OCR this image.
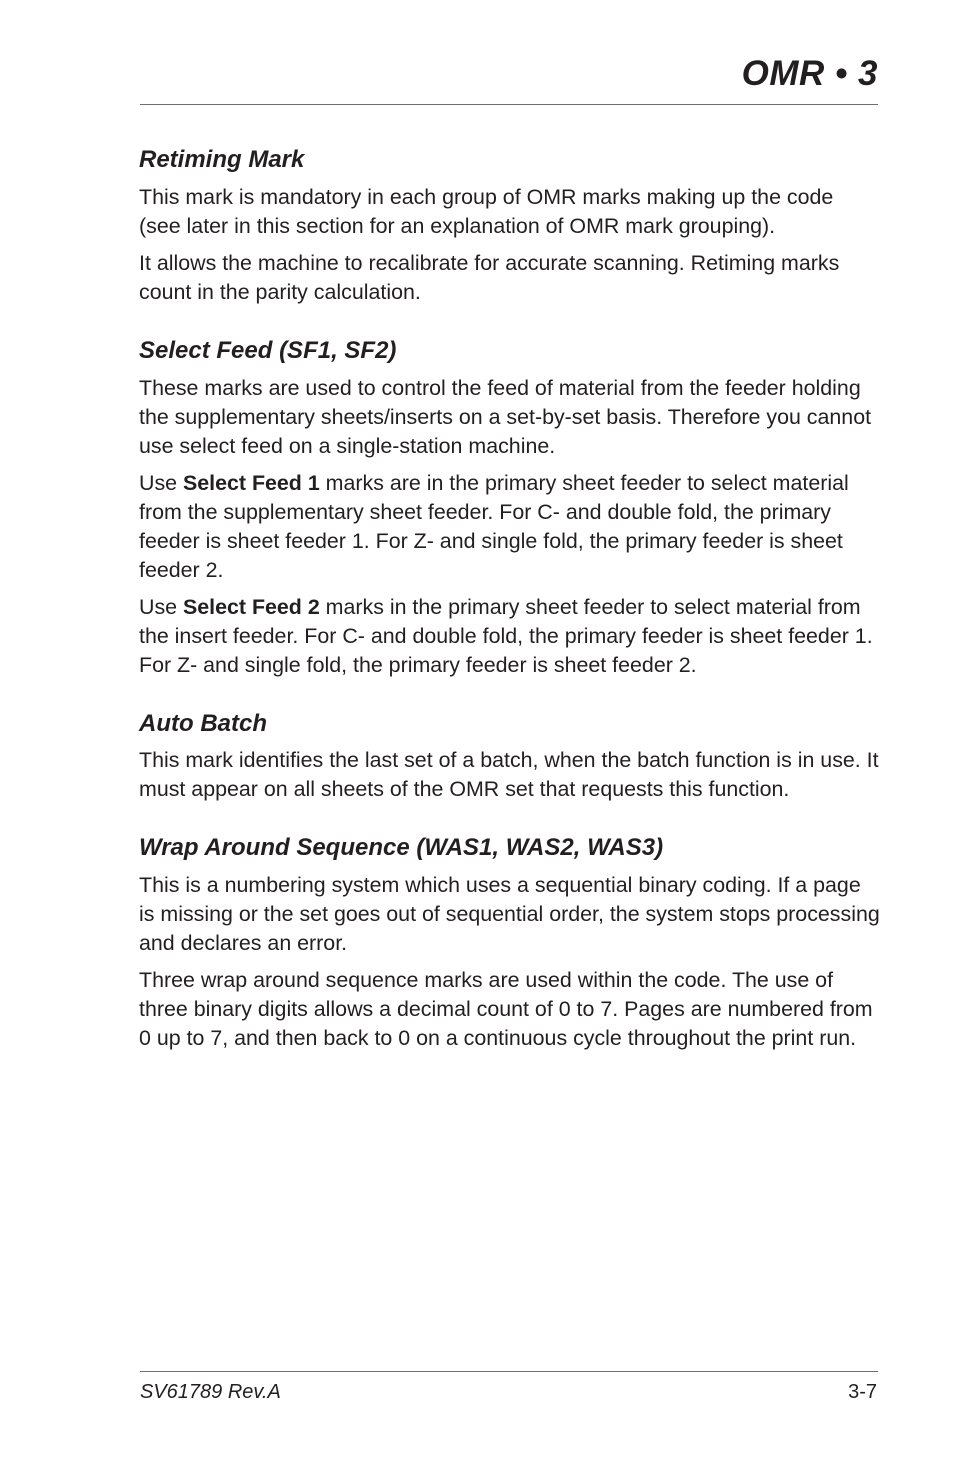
OMR • 3
Retiming Mark

This mark is mandatory in each group of OMR marks making up the code (see later in this section for an explanation of OMR mark grouping).

It allows the machine to recalibrate for accurate scanning. Retiming marks count in the parity calculation.

Select Feed (SF1, SF2)

These marks are used to control the feed of material from the feeder holding the supplementary sheets/inserts on a set-by-set basis. Therefore you cannot use select feed on a single-station machine.

Use Select Feed 1 marks are in the primary sheet feeder to select material from the supplementary sheet feeder. For C- and double fold, the primary feeder is sheet feeder 1. For Z- and single fold, the primary feeder is sheet feeder 2.

Use Select Feed 2 marks in the primary sheet feeder to select material from the insert feeder. For C- and double fold, the primary feeder is sheet feeder 1. For Z- and single fold, the primary feeder is sheet feeder 2.

Auto Batch

This mark identifies the last set of a batch, when the batch function is in use. It must appear on all sheets of the OMR set that requests this function.

Wrap Around Sequence (WAS1, WAS2, WAS3)

This is a numbering system which uses a sequential binary coding. If a page is missing or the set goes out of sequential order, the system stops processing and declares an error.

Three wrap around sequence marks are used within the code. The use of three binary digits allows a decimal count of 0 to 7. Pages are numbered from 0 up to 7, and then back to 0 on a continuous cycle throughout the print run.

SV61789 Rev.A	3-7
